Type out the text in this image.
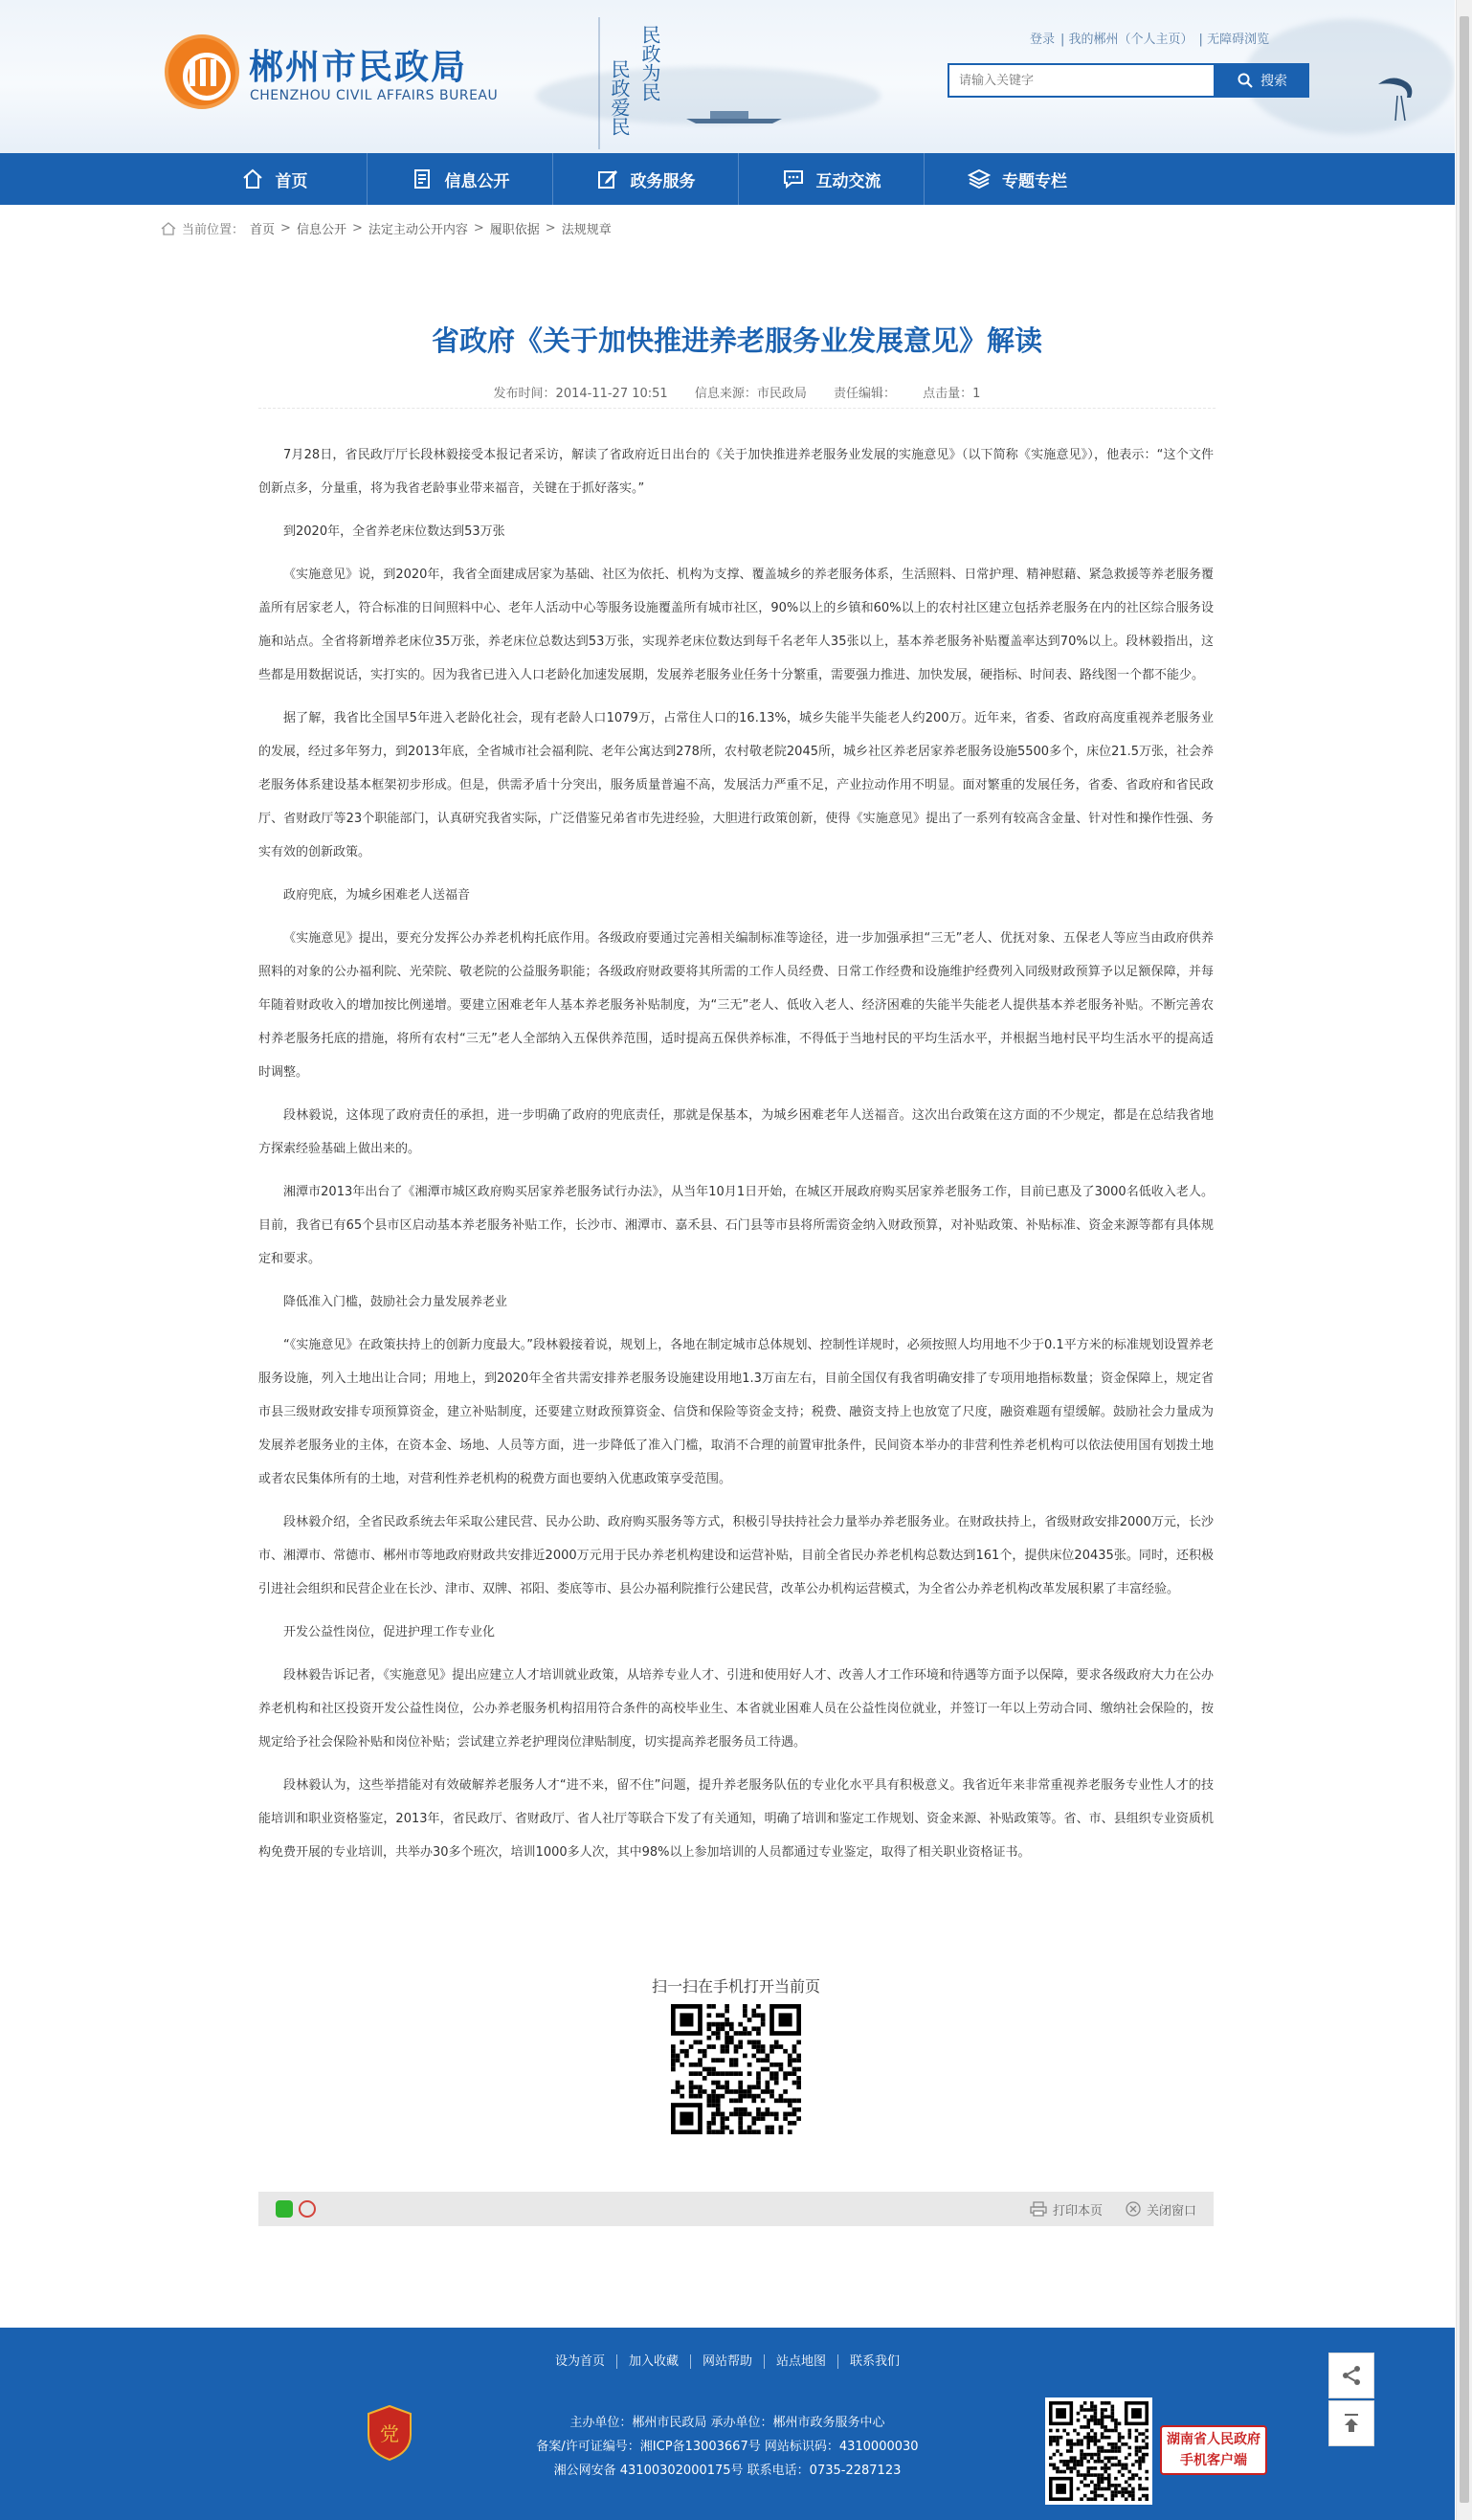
郴州市民政局
CHENZHOU CIVIL AFFAIRS BUREAU	民政为民
民政爱民
登录 | 我的郴州（个人主页） | 无障碍浏览
请输入关键字
搜索
首页	信息公开	政务服务	互动交流	专题专栏
当前位置： 首页 > 信息公开 > 法定主动公开内容 > 履职依据 > 法规规章
省政府《关于加快推进养老服务业发展意见》解读
发布时间：2014-11-27 10:51 信息来源：市民政局 责任编辑： 点击量：1

7月28日，省民政厅厅长段林毅接受本报记者采访，解读了省政府近日出台的《关于加快推进养老服务业发展的实施意见》（以下简称《实施意见》），他表示：“这个文件创新点多，分量重，将为我省老龄事业带来福音，关键在于抓好落实。”

到2020年，全省养老床位数达到53万张

《实施意见》说，到2020年，我省全面建成居家为基础、社区为依托、机构为支撑、覆盖城乡的养老服务体系，生活照料、日常护理、精神慰藉、紧急救援等养老服务覆盖所有居家老人，符合标准的日间照料中心、老年人活动中心等服务设施覆盖所有城市社区，90%以上的乡镇和60%以上的农村社区建立包括养老服务在内的社区综合服务设施和站点。全省将新增养老床位35万张，养老床位总数达到53万张，实现养老床位数达到每千名老年人35张以上，基本养老服务补贴覆盖率达到70%以上。段林毅指出，这些都是用数据说话，实打实的。因为我省已进入人口老龄化加速发展期，发展养老服务业任务十分繁重，需要强力推进、加快发展，硬指标、时间表、路线图一个都不能少。

据了解，我省比全国早5年进入老龄化社会，现有老龄人口1079万，占常住人口的16.13%，城乡失能半失能老人约200万。近年来，省委、省政府高度重视养老服务业的发展，经过多年努力，到2013年底，全省城市社会福利院、老年公寓达到278所，农村敬老院2045所，城乡社区养老居家养老服务设施5500多个，床位21.5万张，社会养老服务体系建设基本框架初步形成。但是，供需矛盾十分突出，服务质量普遍不高，发展活力严重不足，产业拉动作用不明显。面对繁重的发展任务，省委、省政府和省民政厅、省财政厅等23个职能部门，认真研究我省实际，广泛借鉴兄弟省市先进经验，大胆进行政策创新，使得《实施意见》提出了一系列有较高含金量、针对性和操作性强、务实有效的创新政策。

政府兜底，为城乡困难老人送福音

《实施意见》提出，要充分发挥公办养老机构托底作用。各级政府要通过完善相关编制标准等途径，进一步加强承担“三无”老人、优抚对象、五保老人等应当由政府供养照料的对象的公办福利院、光荣院、敬老院的公益服务职能；各级政府财政要将其所需的工作人员经费、日常工作经费和设施维护经费列入同级财政预算予以足额保障，并每年随着财政收入的增加按比例递增。要建立困难老年人基本养老服务补贴制度，为“三无”老人、低收入老人、经济困难的失能半失能老人提供基本养老服务补贴。不断完善农村养老服务托底的措施，将所有农村“三无”老人全部纳入五保供养范围，适时提高五保供养标准，不得低于当地村民的平均生活水平，并根据当地村民平均生活水平的提高适时调整。

段林毅说，这体现了政府责任的承担，进一步明确了政府的兜底责任，那就是保基本，为城乡困难老年人送福音。这次出台政策在这方面的不少规定，都是在总结我省地方探索经验基础上做出来的。

湘潭市2013年出台了《湘潭市城区政府购买居家养老服务试行办法》，从当年10月1日开始，在城区开展政府购买居家养老服务工作，目前已惠及了3000名低收入老人。目前，我省已有65个县市区启动基本养老服务补贴工作，长沙市、湘潭市、嘉禾县、石门县等市县将所需资金纳入财政预算，对补贴政策、补贴标准、资金来源等都有具体规定和要求。

降低准入门槛，鼓励社会力量发展养老业

“《实施意见》在政策扶持上的创新力度最大。”段林毅接着说，规划上，各地在制定城市总体规划、控制性详规时，必须按照人均用地不少于0.1平方米的标准规划设置养老服务设施，列入土地出让合同；用地上，到2020年全省共需安排养老服务设施建设用地1.3万亩左右，目前全国仅有我省明确安排了专项用地指标数量；资金保障上，规定省市县三级财政安排专项预算资金，建立补贴制度，还要建立财政预算资金、信贷和保险等资金支持；税费、融资支持上也放宽了尺度，融资难题有望缓解。鼓励社会力量成为发展养老服务业的主体，在资本金、场地、人员等方面，进一步降低了准入门槛，取消不合理的前置审批条件，民间资本举办的非营利性养老机构可以依法使用国有划拨土地或者农民集体所有的土地，对营利性养老机构的税费方面也要纳入优惠政策享受范围。

段林毅介绍，全省民政系统去年采取公建民营、民办公助、政府购买服务等方式，积极引导扶持社会力量举办养老服务业。在财政扶持上，省级财政安排2000万元，长沙市、湘潭市、常德市、郴州市等地政府财政共安排近2000万元用于民办养老机构建设和运营补贴，目前全省民办养老机构总数达到161个，提供床位20435张。同时，还积极引进社会组织和民营企业在长沙、津市、双牌、祁阳、娄底等市、县公办福利院推行公建民营，改革公办机构运营模式，为全省公办养老机构改革发展积累了丰富经验。

开发公益性岗位，促进护理工作专业化

段林毅告诉记者，《实施意见》提出应建立人才培训就业政策，从培养专业人才、引进和使用好人才、改善人才工作环境和待遇等方面予以保障，要求各级政府大力在公办养老机构和社区投资开发公益性岗位，公办养老服务机构招用符合条件的高校毕业生、本省就业困难人员在公益性岗位就业，并签订一年以上劳动合同、缴纳社会保险的，按规定给予社会保险补贴和岗位补贴；尝试建立养老护理岗位津贴制度，切实提高养老服务员工待遇。

段林毅认为，这些举措能对有效破解养老服务人才“进不来，留不住”问题，提升养老服务队伍的专业化水平具有积极意义。我省近年来非常重视养老服务专业性人才的技能培训和职业资格鉴定，2013年，省民政厅、省财政厅、省人社厅等联合下发了有关通知，明确了培训和鉴定工作规划、资金来源、补贴政策等。省、市、县组织专业资质机构免费开展的专业培训，共举办30多个班次，培训1000多人次，其中98%以上参加培训的人员都通过专业鉴定，取得了相关职业资格证书。

扫一扫在手机打开当前页
打印本页	关闭窗口
设为首页 加入收藏 网站帮助 站点地图 联系我们
党	主办单位：郴州市民政局 承办单位：郴州市政务服务中心
备案/许可证编号：湘ICP备13003667号 网站标识码：4310000030
湘公网安备 43100302000175号 联系电话：0735-2287123
湖南省人民政府
手机客户端
